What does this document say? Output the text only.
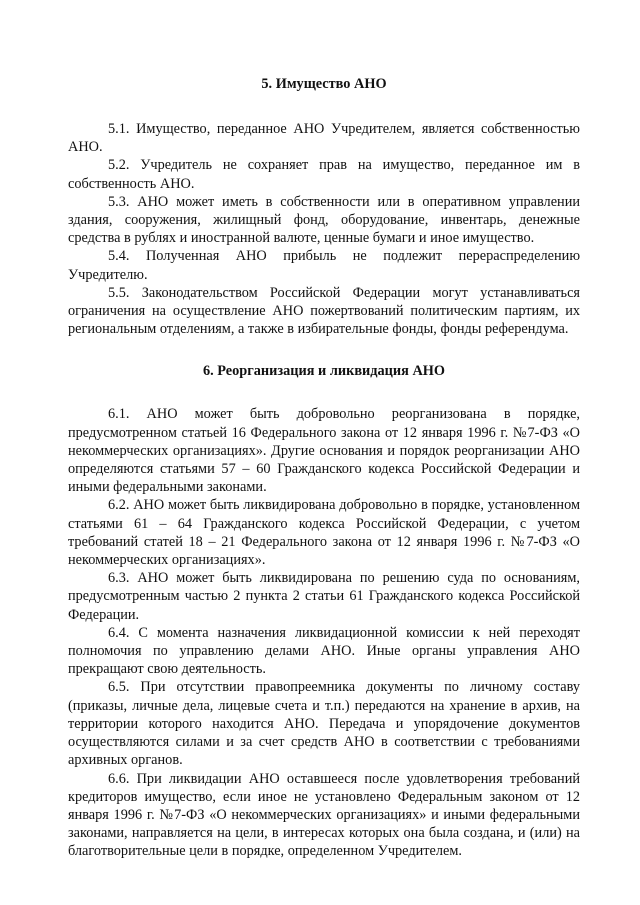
5. Имущество АНО

5.1. Имущество, переданное АНО Учредителем, является собственностью АНО.

5.2. Учредитель не сохраняет прав на имущество, переданное им в собственность АНО.

5.3. АНО может иметь в собственности или в оперативном управлении здания, сооружения, жилищный фонд, оборудование, инвентарь, денежные средства в рублях и иностранной валюте, ценные бумаги и иное имущество.

5.4. Полученная АНО прибыль не подлежит перераспределению Учредителю.

5.5. Законодательством Российской Федерации могут устанавливаться ограничения на осуществление АНО пожертвований политическим партиям, их региональным отделениям, а также в избирательные фонды, фонды референдума.

6. Реорганизация и ликвидация АНО

6.1. АНО может быть добровольно реорганизована в порядке, предусмотренном статьей 16 Федерального закона от 12 января 1996 г. №7-ФЗ «О некоммерческих организациях». Другие основания и порядок реорганизации АНО определяются статьями 57 – 60 Гражданского кодекса Российской Федерации и иными федеральными законами.

6.2. АНО может быть ликвидирована добровольно в порядке, установленном статьями 61 – 64 Гражданского кодекса Российской Федерации, с учетом требований статей 18 – 21 Федерального закона от 12 января 1996 г. №7-ФЗ «О некоммерческих организациях».

6.3. АНО может быть ликвидирована по решению суда по основаниям, предусмотренным частью 2 пункта 2 статьи 61 Гражданского кодекса Российской Федерации.

6.4. С момента назначения ликвидационной комиссии к ней переходят полномочия по управлению делами АНО. Иные органы управления АНО прекращают свою деятельность.

6.5. При отсутствии правопреемника документы по личному составу (приказы, личные дела, лицевые счета и т.п.) передаются на хранение в архив, на территории которого находится АНО. Передача и упорядочение документов осуществляются силами и за счет средств АНО в соответствии с требованиями архивных органов.

6.6. При ликвидации АНО оставшееся после удовлетворения требований кредиторов имущество, если иное не установлено Федеральным законом от 12 января 1996 г. №7-ФЗ «О некоммерческих организациях» и иными федеральными законами, направляется на цели, в интересах которых она была создана, и (или) на благотворительные цели в порядке, определенном Учредителем.
